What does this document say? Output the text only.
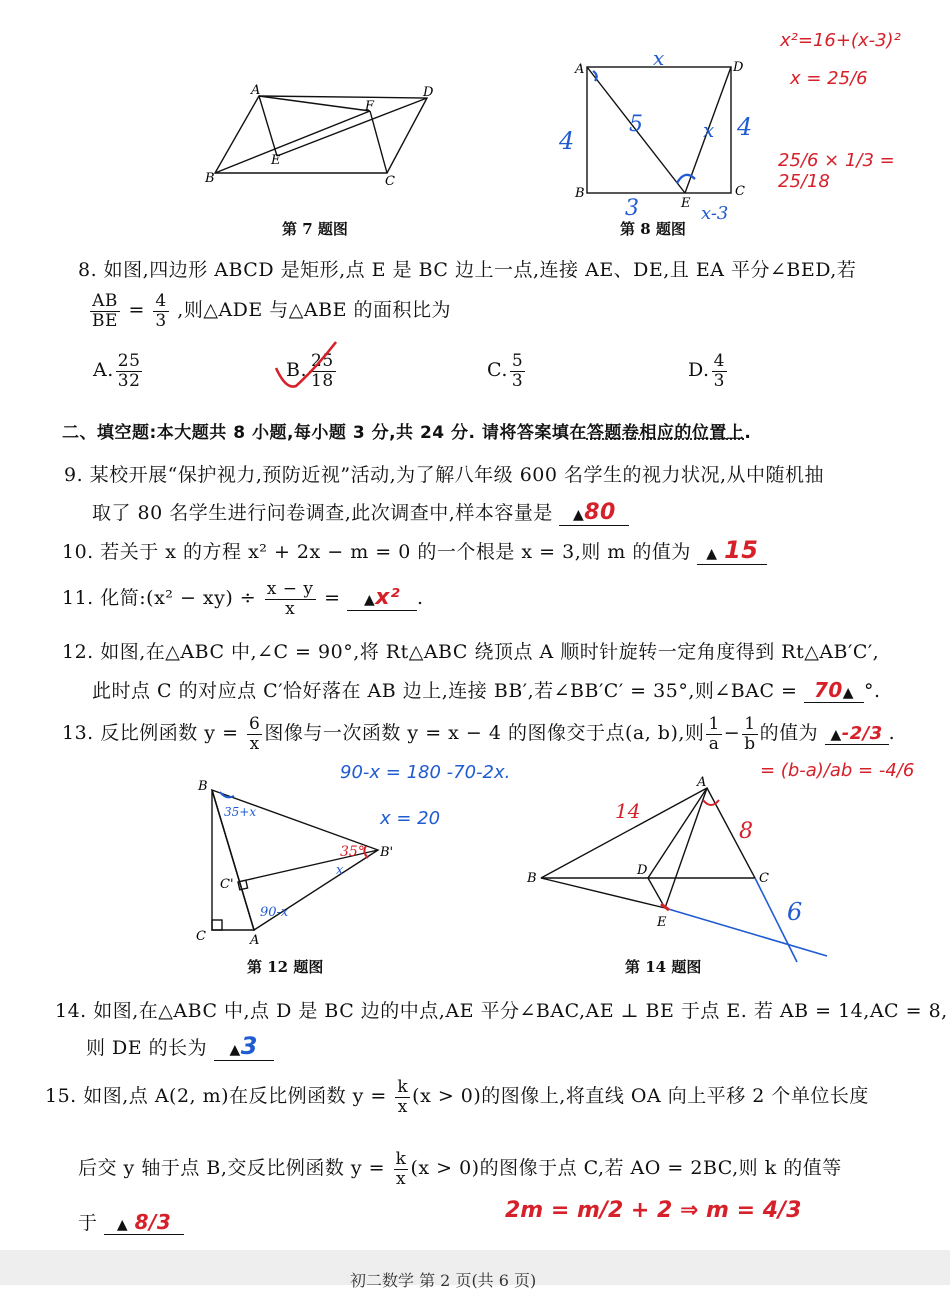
A	D
F
E
B	C
第 7 题图
A	D
B
E
C
x
4	4
5	x
3	x-3
第 8 题图
x²=16+(x-3)²
x = 25/6
25/6 × 1/3 = 25/18
8. 如图,四边形 ABCD 是矩形,点 E 是 BC 边上一点,连接 AE、DE,且 EA 平分∠BED,若
$\frac{AB}{BE} = \frac{4}{3}$ ,则△ADE 与△ABE 的面积比为
A. $\frac{25}{32}$	B. $\frac{25}{18}$	C. $\frac{5}{3}$	D. $\frac{4}{3}$
二、填空题:本大题共 8 小题,每小题 3 分,共 24 分. 请将答案填在答题卷相应的位置上.
9. 某校开展“保护视力,预防近视”活动,为了解八年级 600 名学生的视力状况,从中随机抽
取了 80 名学生进行问卷调查,此次调查中,样本容量是 ▲80
10. 若关于 x 的方程 x² + 2x − m = 0 的一个根是 x = 3,则 m 的值为 ▲ 15
11. 化简:(x² − $xy) \div \frac{x - y}{x}$ = ▲x² .
12. 如图,在△ABC 中,∠C = 90°,将 Rt△ABC 绕顶点 A 顺时针旋转一定角度得到 Rt△AB′C′,
此时点 C 的对应点 C′恰好落在 AB 边上,连接 BB′,若∠BB′C′ = 35°,则∠BAC = 70▲ °.
13. 反比例函数 $y = \frac{6}{x}$ 图像与一次函数 y = x − 4 的图像交于点(a, b),则 $\frac{1}{a} - \frac{1}{b}$ 的值为 ▲-2/3 .
= (b-a)/ab = -4/6
90-x = 180 -70-2x.
x = 20
B
C'
B'
C	A
35+x
35°
x
90-x
第 12 题图
A
B
D
C
E
14
8
6
第 14 题图
14. 如图,在△ABC 中,点 D 是 BC 边的中点,AE 平分∠BAC,AE ⊥ BE 于点 E. 若 AB = 14,AC = 8,
则 DE 的长为 ▲3
15. 如图,点 A(2, m)在反比例函数 $y = \frac{k}{x} (x > 0)$的图像上,将直线 OA 向上平移 2 个单位长度
后交 y 轴于点 B,交反比例函数 $y = \frac{k}{x} (x > 0)$的图像于点 C,若 AO = 2BC,则 k 的值等
于 ▲ 8/3	2m = m/2 + 2 ⇒ m = 4/3
初二数学 第 2 页(共 6 页)
